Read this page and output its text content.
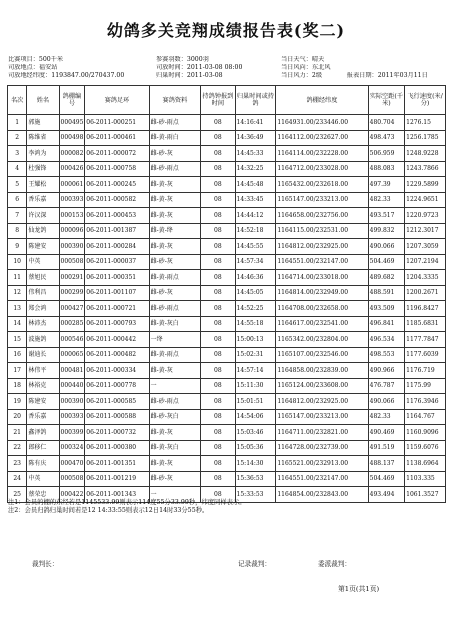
幼鸽多关竞翔成绩报告表(奖二)
比赛项目：500千米	参赛羽数：3000羽	当日天气：晴天
司放地点：福安站	司放时间：2011-03-08 08:00	当日风向：东北风
司放地经纬度：1193847.00/270437.00	归巢时间：2011-03-08	当日风力：2级　　　　报表日期：2011年03月11日
名次	姓名	鸽棚编号	赛鸽足环	赛鸽资料	持鸽钟报到时间	归巢时间或持鸽	鸽棚经纬度	实际空距(千米)	飞行速度(米/分)
1	郭施	000495	06-2011-000251	雌-砂-雨点	08	14:16:41	1164931.00/233446.00	480.704	1276.15
2	陈维省	000498	06-2011-000461	雌-黄-雨白	08	14:36:49	1164112.00/232627.00	498.473	1256.1785
3	李鸿为	000082	06-2011-000072	雌-砂-灰	08	14:45:33	1164114.00/232228.00	506.959	1248.9228
4	杜强锋	000426	06-2011-000758	雌-砂-雨点	08	14:32:25	1164712.00/233028.00	488.083	1243.7866
5	王耀松	000061	06-2011-000245	雌-黄-灰	08	14:45:48	1165432.00/232618.00	497.39	1229.5899
6	香乐嘉	000393	06-2011-000582	雌-黄-灰	08	14:33:45	1165147.00/233213.00	482.33	1224.9651
7	许汉深	000153	06-2011-000453	雌-黄-灰	08	14:44:12	1164658.00/232756.00	493.517	1220.9723
8	仙龙鸽	000096	06-2011-001387	雌-黄-绛	08	14:52:18	1164115.00/232531.00	499.832	1212.3017
9	陈建安	000390	06-2011-000284	雌-黄-灰	08	14:45:55	1164812.00/232925.00	490.066	1207.3059
10	中英	000508	06-2011-000037	雌-砂-灰	08	14:57:34	1164551.00/232147.00	504.469	1207.2194
11	蔡旭民	000291	06-2011-000351	雌-黄-雨点	08	14:46:36	1164714.00/233018.00	489.682	1204.3335
12	伟利昌	000299	06-2011-001107	雌-砂-灰	08	14:45:05	1164814.00/232949.00	488.591	1200.2671
13	郑会鸿	000427	06-2011-000721	雌-砂-雨点	08	14:52:25	1164708.00/232658.00	493.509	1196.8427
14	林沛杰	000285	06-2011-000793	雌-黄-灰白	08	14:55:18	1164617.00/232541.00	496.841	1185.6831
15	波施鸽	000546	06-2011-000442	一绛	08	15:00:13	1165342.00/232804.00	496.534	1177.7847
16	谢迪长	000065	06-2011-000482	雌-黄-雨点	08	15:02:31	1165107.00/232546.00	498.553	1177.6039
17	林伟平	000481	06-2011-000334	雌-黄-灰	08	14:57:14	1164858.00/232839.00	490.966	1176.719
18	林裕克	000440	06-2011-000778	一	08	15:11:30	1165124.00/233608.00	476.787	1175.99
19	陈建安	000390	06-2011-000585	雌-砂-雨点	08	15:01:51	1164812.00/232925.00	490.066	1176.3946
20	香乐嘉	000393	06-2011-000588	雌-砂-灰白	08	14:54:06	1165147.00/233213.00	482.33	1164.767
21	鑫泽鸽	000399	06-2011-000732	雌-黄-灰	08	15:03:46	1164711.00/232821.00	490.469	1160.9096
22	郎移仁	000324	06-2011-000380	雌-黄-灰白	08	15:05:36	1164728.00/232739.00	491.519	1159.6076
23	陈有庆	000470	06-2011-001351	雌-黄-灰	08	15:14:30	1165521.00/232913.00	488.137	1138.6964
24	中英	000508	06-2011-001219	雌-砂-灰	08	15:36:53	1164551.00/232147.00	504.469	1103.335
25	蔡荣忠	000422	06-2011-001343	一	08	15:33:53	1164854.00/232843.00	493.494	1061.3527
注1：会员的棚的东经若是1145533.99则表示114度55分33.99秒，纬度同样表示。
注2：会员归鸽归巢时间若是12 14:33:55则表示12日14时33分55秒。
裁判长：	记录裁判：	委派裁判：
第1页(共1页)
